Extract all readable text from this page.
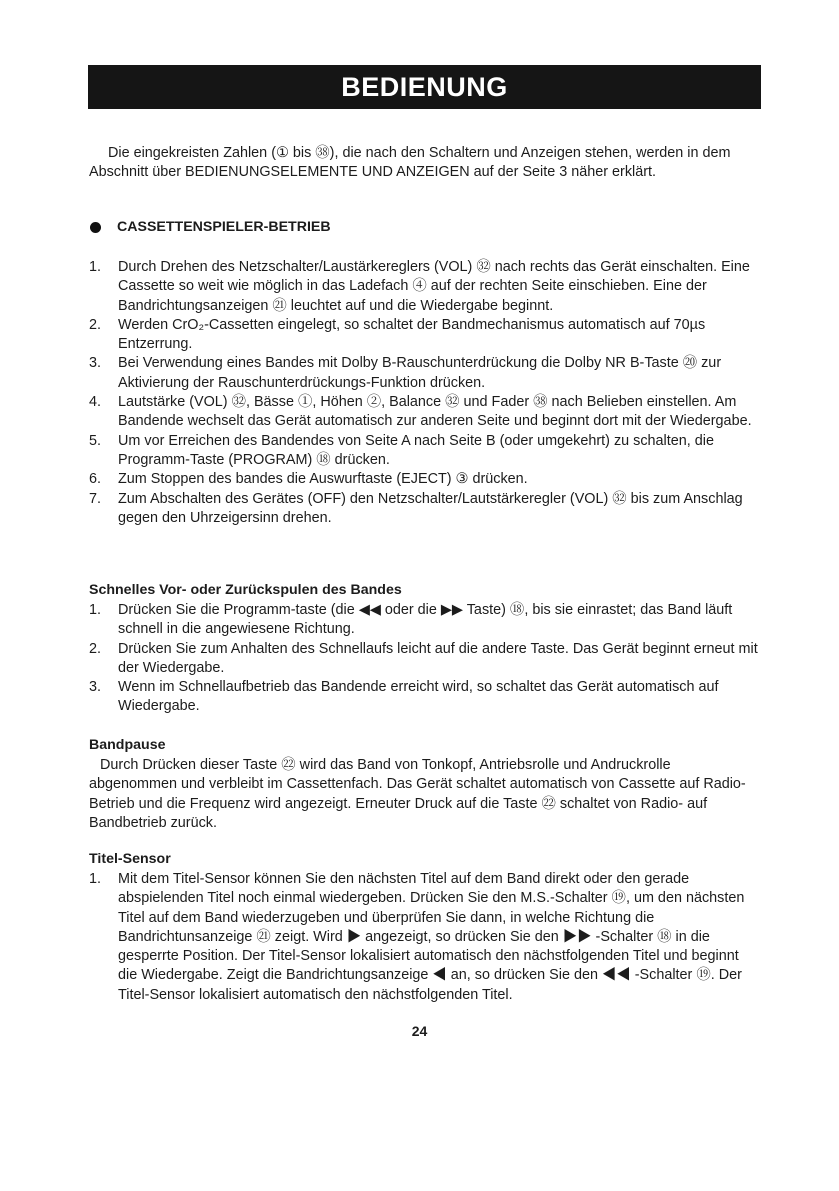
BEDIENUNG

Die eingekreisten Zahlen (① bis ㊳), die nach den Schaltern und Anzeigen stehen, werden in dem Abschnitt über BEDIENUNGSELEMENTE UND ANZEIGEN auf der Seite 3 näher erklärt.

CASSETTENSPIELER-BETRIEB
1. Durch Drehen des Netzschalter/Laustärkereglers (VOL) ㉜ nach rechts das Gerät einschalten. Eine Cassette so weit wie möglich in das Ladefach ④ auf der rechten Seite einschieben. Eine der Bandrichtungsanzeigen ㉑ leuchtet auf und die Wiedergabe beginnt.
2. Werden CrO₂-Cassetten eingelegt, so schaltet der Bandmechanismus automatisch auf 70µs Entzerrung.
3. Bei Verwendung eines Bandes mit Dolby B-Rauschunterdrückung die Dolby NR B-Taste ⑳ zur Aktivierung der Rauschunterdrückungs-Funktion drücken.
4. Lautstärke (VOL) ㉜, Bässe ①, Höhen ②, Balance ㉜ und Fader ㊳ nach Belieben einstellen. Am Bandende wechselt das Gerät automatisch zur anderen Seite und beginnt dort mit der Wiedergabe.
5. Um vor Erreichen des Bandendes von Seite A nach Seite B (oder umgekehrt) zu schalten, die Programm-Taste (PROGRAM) ⑱ drücken.
6. Zum Stoppen des bandes die Auswurftaste (EJECT) ③ drücken.
7. Zum Abschalten des Gerätes (OFF) den Netzschalter/Lautstärkeregler (VOL) ㉜ bis zum Anschlag gegen den Uhrzeigersinn drehen.
Schnelles Vor- oder Zurückspulen des Bandes
1. Drücken Sie die Programm-taste (die ◀◀ oder die ▶▶ Taste) ⑱, bis sie einrastet; das Band läuft schnell in die angewiesene Richtung.
2. Drücken Sie zum Anhalten des Schnellaufs leicht auf die andere Taste. Das Gerät beginnt erneut mit der Wiedergabe.
3. Wenn im Schnellaufbetrieb das Bandende erreicht wird, so schaltet das Gerät automatisch auf Wiedergabe.
Bandpause

Durch Drücken dieser Taste ㉒ wird das Band von Tonkopf, Antriebsrolle und Andruckrolle abgenommen und verbleibt im Cassettenfach. Das Gerät schaltet automatisch von Cassette auf Radio-Betrieb und die Frequenz wird angezeigt. Erneuter Druck auf die Taste ㉒ schaltet von Radio- auf Bandbetrieb zurück.

Titel-Sensor
1. Mit dem Titel-Sensor können Sie den nächsten Titel auf dem Band direkt oder den gerade abspielenden Titel noch einmal wiedergeben. Drücken Sie den M.S.-Schalter ⑲, um den nächsten Titel auf dem Band wiederzugeben und überprüfen Sie dann, in welche Richtung die Bandrichtunsanzeige ㉑ zeigt. Wird ▶ angezeigt, so drücken Sie den ▶▶ -Schalter ⑱ in die gesperrte Position. Der Titel-Sensor lokalisiert automatisch den nächstfolgenden Titel und beginnt die Wiedergabe. Zeigt die Bandrichtungsanzeige ◀ an, so drücken Sie den ◀◀ -Schalter ⑲. Der Titel-Sensor lokalisiert automatisch den nächstfolgenden Titel.
24
